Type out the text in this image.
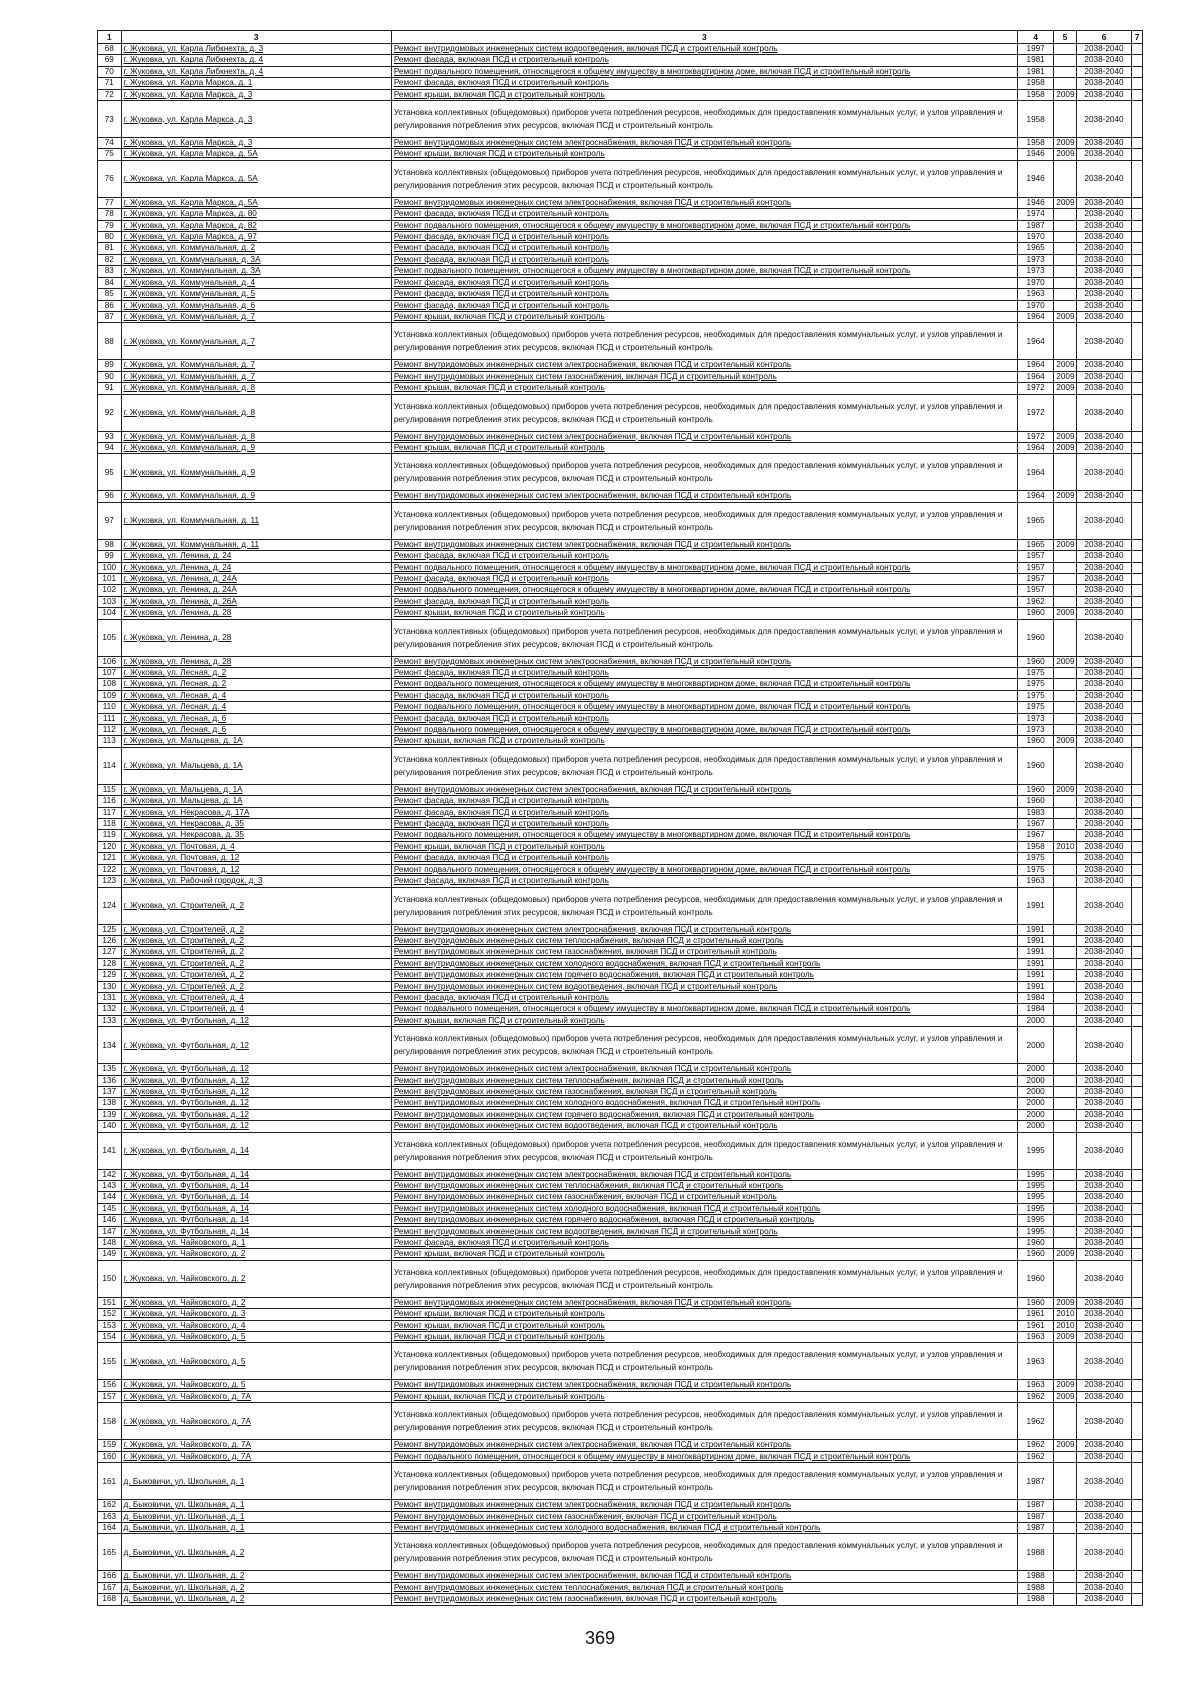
1	3	3	4	5	6	7
68	г. Жуковка, ул. Карла Либкнехта, д. 3	Ремонт внутридомовых инженерных систем водоотведения, включая ПСД и строительный контроль	1997		2038-2040	
69	г. Жуковка, ул. Карла Либкнехта, д. 4	Ремонт фасада, включая ПСД и строительный контроль	1981		2038-2040	
70	г. Жуковка, ул. Карла Либкнехта, д. 4	Ремонт подвального помещения, относящегося к общему имуществу в многоквартирном доме, включая ПСД и строительный контроль	1981		2038-2040	
71	г. Жуковка, ул. Карла Маркса, д. 1	Ремонт фасада, включая ПСД и строительный контроль	1958		2038-2040	
72	г. Жуковка, ул. Карла Маркса, д. 3	Ремонт крыши, включая ПСД и строительный контроль	1958	2009	2038-2040	
73	г. Жуковка, ул. Карла Маркса, д. 3	Установка коллективных (общедомовых) приборов учета потребления ресурсов, необходимых для предоставления коммунальных услуг, и узлов управления и регулирования потребления этих ресурсов, включая ПСД и строительный контроль	1958		2038-2040	
74	г. Жуковка, ул. Карла Маркса, д. 3	Ремонт внутридомовых инженерных систем электроснабжения, включая ПСД и строительный контроль	1958	2009	2038-2040	
75	г. Жуковка, ул. Карла Маркса, д. 5А	Ремонт крыши, включая ПСД и строительный контроль	1946	2009	2038-2040	
76	г. Жуковка, ул. Карла Маркса, д. 5А	Установка коллективных (общедомовых) приборов учета потребления ресурсов, необходимых для предоставления коммунальных услуг, и узлов управления и регулирования потребления этих ресурсов, включая ПСД и строительный контроль	1946		2038-2040	
77	г. Жуковка, ул. Карла Маркса, д. 5А	Ремонт внутридомовых инженерных систем электроснабжения, включая ПСД и строительный контроль	1946	2009	2038-2040	
78	г. Жуковка, ул. Карла Маркса, д. 80	Ремонт фасада, включая ПСД и строительный контроль	1974		2038-2040	
79	г. Жуковка, ул. Карла Маркса, д. 82	Ремонт подвального помещения, относящегося к общему имуществу в многоквартирном доме, включая ПСД и строительный контроль	1987		2038-2040	
80	г. Жуковка, ул. Карла Маркса, д. 97	Ремонт фасада, включая ПСД и строительный контроль	1970		2038-2040	
81	г. Жуковка, ул. Коммунальная, д. 2	Ремонт фасада, включая ПСД и строительный контроль	1965		2038-2040	
82	г. Жуковка, ул. Коммунальная, д. 3А	Ремонт фасада, включая ПСД и строительный контроль	1973		2038-2040	
83	г. Жуковка, ул. Коммунальная, д. 3А	Ремонт подвального помещения, относящегося к общему имуществу в многоквартирном доме, включая ПСД и строительный контроль	1973		2038-2040	
84	г. Жуковка, ул. Коммунальная, д. 4	Ремонт фасада, включая ПСД и строительный контроль	1970		2038-2040	
85	г. Жуковка, ул. Коммунальная, д. 5	Ремонт фасада, включая ПСД и строительный контроль	1963		2038-2040	
86	г. Жуковка, ул. Коммунальная, д. 6	Ремонт фасада, включая ПСД и строительный контроль	1970		2038-2040	
87	г. Жуковка, ул. Коммунальная, д. 7	Ремонт крыши, включая ПСД и строительный контроль	1964	2009	2038-2040	
88	г. Жуковка, ул. Коммунальная, д. 7	Установка коллективных (общедомовых) приборов учета потребления ресурсов, необходимых для предоставления коммунальных услуг, и узлов управления и регулирования потребления этих ресурсов, включая ПСД и строительный контроль	1964		2038-2040	
89	г. Жуковка, ул. Коммунальная, д. 7	Ремонт внутридомовых инженерных систем электроснабжения, включая ПСД и строительный контроль	1964	2009	2038-2040	
90	г. Жуковка, ул. Коммунальная, д. 7	Ремонт внутридомовых инженерных систем газоснабжения, включая ПСД и строительный контроль	1964	2009	2038-2040	
91	г. Жуковка, ул. Коммунальная, д. 8	Ремонт крыши, включая ПСД и строительный контроль	1972	2009	2038-2040	
92	г. Жуковка, ул. Коммунальная, д. 8	Установка коллективных (общедомовых) приборов учета потребления ресурсов, необходимых для предоставления коммунальных услуг, и узлов управления и регулирования потребления этих ресурсов, включая ПСД и строительный контроль	1972		2038-2040	
93	г. Жуковка, ул. Коммунальная, д. 8	Ремонт внутридомовых инженерных систем электроснабжения, включая ПСД и строительный контроль	1972	2009	2038-2040	
94	г. Жуковка, ул. Коммунальная, д. 9	Ремонт крыши, включая ПСД и строительный контроль	1964	2009	2038-2040	
95	г. Жуковка, ул. Коммунальная, д. 9	Установка коллективных (общедомовых) приборов учета потребления ресурсов, необходимых для предоставления коммунальных услуг, и узлов управления и регулирования потребления этих ресурсов, включая ПСД и строительный контроль	1964		2038-2040	
96	г. Жуковка, ул. Коммунальная, д. 9	Ремонт внутридомовых инженерных систем электроснабжения, включая ПСД и строительный контроль	1964	2009	2038-2040	
97	г. Жуковка, ул. Коммунальная, д. 11	Установка коллективных (общедомовых) приборов учета потребления ресурсов, необходимых для предоставления коммунальных услуг, и узлов управления и регулирования потребления этих ресурсов, включая ПСД и строительный контроль	1965		2038-2040	
98	г. Жуковка, ул. Коммунальная, д. 11	Ремонт внутридомовых инженерных систем электроснабжения, включая ПСД и строительный контроль	1965	2009	2038-2040	
99	г. Жуковка, ул. Ленина, д. 24	Ремонт фасада, включая ПСД и строительный контроль	1957		2038-2040	
100	г. Жуковка, ул. Ленина, д. 24	Ремонт подвального помещения, относящегося к общему имуществу в многоквартирном доме, включая ПСД и строительный контроль	1957		2038-2040	
101	г. Жуковка, ул. Ленина, д. 24А	Ремонт фасада, включая ПСД и строительный контроль	1957		2038-2040	
102	г. Жуковка, ул. Ленина, д. 24А	Ремонт подвального помещения, относящегося к общему имуществу в многоквартирном доме, включая ПСД и строительный контроль	1957		2038-2040	
103	г. Жуковка, ул. Ленина, д. 26А	Ремонт фасада, включая ПСД и строительный контроль	1962		2038-2040	
104	г. Жуковка, ул. Ленина, д. 28	Ремонт крыши, включая ПСД и строительный контроль	1960	2009	2038-2040	
105	г. Жуковка, ул. Ленина, д. 28	Установка коллективных (общедомовых) приборов учета потребления ресурсов, необходимых для предоставления коммунальных услуг, и узлов управления и регулирования потребления этих ресурсов, включая ПСД и строительный контроль	1960		2038-2040	
106	г. Жуковка, ул. Ленина, д. 28	Ремонт внутридомовых инженерных систем электроснабжения, включая ПСД и строительный контроль	1960	2009	2038-2040	
107	г. Жуковка, ул. Лесная, д. 2	Ремонт фасада, включая ПСД и строительный контроль	1975		2038-2040	
108	г. Жуковка, ул. Лесная, д. 2	Ремонт подвального помещения, относящегося к общему имуществу в многоквартирном доме, включая ПСД и строительный контроль	1975		2038-2040	
109	г. Жуковка, ул. Лесная, д. 4	Ремонт фасада, включая ПСД и строительный контроль	1975		2038-2040	
110	г. Жуковка, ул. Лесная, д. 4	Ремонт подвального помещения, относящегося к общему имуществу в многоквартирном доме, включая ПСД и строительный контроль	1975		2038-2040	
111	г. Жуковка, ул. Лесная, д. 6	Ремонт фасада, включая ПСД и строительный контроль	1973		2038-2040	
112	г. Жуковка, ул. Лесная, д. 6	Ремонт подвального помещения, относящегося к общему имуществу в многоквартирном доме, включая ПСД и строительный контроль	1973		2038-2040	
113	г. Жуковка, ул. Мальцева, д. 1А	Ремонт крыши, включая ПСД и строительный контроль	1960	2009	2038-2040	
114	г. Жуковка, ул. Мальцева, д. 1А	Установка коллективных (общедомовых) приборов учета потребления ресурсов, необходимых для предоставления коммунальных услуг, и узлов управления и регулирования потребления этих ресурсов, включая ПСД и строительный контроль	1960		2038-2040	
115	г. Жуковка, ул. Мальцева, д. 1А	Ремонт внутридомовых инженерных систем электроснабжения, включая ПСД и строительный контроль	1960	2009	2038-2040	
116	г. Жуковка, ул. Мальцева, д. 1А	Ремонт фасада, включая ПСД и строительный контроль	1960		2038-2040	
117	г. Жуковка, ул. Некрасова, д. 17А	Ремонт фасада, включая ПСД и строительный контроль	1983		2038-2040	
118	г. Жуковка, ул. Некрасова, д. 35	Ремонт фасада, включая ПСД и строительный контроль	1967		2038-2040	
119	г. Жуковка, ул. Некрасова, д. 35	Ремонт подвального помещения, относящегося к общему имуществу в многоквартирном доме, включая ПСД и строительный контроль	1967		2038-2040	
120	г. Жуковка, ул. Почтовая, д. 4	Ремонт крыши, включая ПСД и строительный контроль	1958	2010	2038-2040	
121	г. Жуковка, ул. Почтовая, д. 12	Ремонт фасада, включая ПСД и строительный контроль	1975		2038-2040	
122	г. Жуковка, ул. Почтовая, д. 12	Ремонт подвального помещения, относящегося к общему имуществу в многоквартирном доме, включая ПСД и строительный контроль	1975		2038-2040	
123	г. Жуковка, ул. Рабочий городок, д. 3	Ремонт фасада, включая ПСД и строительный контроль	1963		2038-2040	
124	г. Жуковка, ул. Строителей, д. 2	Установка коллективных (общедомовых) приборов учета потребления ресурсов, необходимых для предоставления коммунальных услуг, и узлов управления и регулирования потребления этих ресурсов, включая ПСД и строительный контроль	1991		2038-2040	
125	г. Жуковка, ул. Строителей, д. 2	Ремонт внутридомовых инженерных систем электроснабжения, включая ПСД и строительный контроль	1991		2038-2040	
126	г. Жуковка, ул. Строителей, д. 2	Ремонт внутридомовых инженерных систем теплоснабжения, включая ПСД и строительный контроль	1991		2038-2040	
127	г. Жуковка, ул. Строителей, д. 2	Ремонт внутридомовых инженерных систем газоснабжения, включая ПСД и строительный контроль	1991		2038-2040	
128	г. Жуковка, ул. Строителей, д. 2	Ремонт внутридомовых инженерных систем холодного водоснабжения, включая ПСД и строительный контроль	1991		2038-2040	
129	г. Жуковка, ул. Строителей, д. 2	Ремонт внутридомовых инженерных систем горячего водоснабжения, включая ПСД и строительный контроль	1991		2038-2040	
130	г. Жуковка, ул. Строителей, д. 2	Ремонт внутридомовых инженерных систем водоотведения, включая ПСД и строительный контроль	1991		2038-2040	
131	г. Жуковка, ул. Строителей, д. 4	Ремонт фасада, включая ПСД и строительный контроль	1984		2038-2040	
132	г. Жуковка, ул. Строителей, д. 4	Ремонт подвального помещения, относящегося к общему имуществу в многоквартирном доме, включая ПСД и строительный контроль	1984		2038-2040	
133	г. Жуковка, ул. Футбольная, д. 12	Ремонт крыши, включая ПСД и строительный контроль	2000		2038-2040	
134	г. Жуковка, ул. Футбольная, д. 12	Установка коллективных (общедомовых) приборов учета потребления ресурсов, необходимых для предоставления коммунальных услуг, и узлов управления и регулирования потребления этих ресурсов, включая ПСД и строительный контроль	2000		2038-2040	
135	г. Жуковка, ул. Футбольная, д. 12	Ремонт внутридомовых инженерных систем электроснабжения, включая ПСД и строительный контроль	2000		2038-2040	
136	г. Жуковка, ул. Футбольная, д. 12	Ремонт внутридомовых инженерных систем теплоснабжения, включая ПСД и строительный контроль	2000		2038-2040	
137	г. Жуковка, ул. Футбольная, д. 12	Ремонт внутридомовых инженерных систем газоснабжения, включая ПСД и строительный контроль	2000		2038-2040	
138	г. Жуковка, ул. Футбольная, д. 12	Ремонт внутридомовых инженерных систем холодного водоснабжения, включая ПСД и строительный контроль	2000		2038-2040	
139	г. Жуковка, ул. Футбольная, д. 12	Ремонт внутридомовых инженерных систем горячего водоснабжения, включая ПСД и строительный контроль	2000		2038-2040	
140	г. Жуковка, ул. Футбольная, д. 12	Ремонт внутридомовых инженерных систем водоотведения, включая ПСД и строительный контроль	2000		2038-2040	
141	г. Жуковка, ул. Футбольная, д. 14	Установка коллективных (общедомовых) приборов учета потребления ресурсов, необходимых для предоставления коммунальных услуг, и узлов управления и регулирования потребления этих ресурсов, включая ПСД и строительный контроль	1995		2038-2040	
142	г. Жуковка, ул. Футбольная, д. 14	Ремонт внутридомовых инженерных систем электроснабжения, включая ПСД и строительный контроль	1995		2038-2040	
143	г. Жуковка, ул. Футбольная, д. 14	Ремонт внутридомовых инженерных систем теплоснабжения, включая ПСД и строительный контроль	1995		2038-2040	
144	г. Жуковка, ул. Футбольная, д. 14	Ремонт внутридомовых инженерных систем газоснабжения, включая ПСД и строительный контроль	1995		2038-2040	
145	г. Жуковка, ул. Футбольная, д. 14	Ремонт внутридомовых инженерных систем холодного водоснабжения, включая ПСД и строительный контроль	1995		2038-2040	
146	г. Жуковка, ул. Футбольная, д. 14	Ремонт внутридомовых инженерных систем горячего водоснабжения, включая ПСД и строительный контроль	1995		2038-2040	
147	г. Жуковка, ул. Футбольная, д. 14	Ремонт внутридомовых инженерных систем водоотведения, включая ПСД и строительный контроль	1995		2038-2040	
148	г. Жуковка, ул. Чайковского, д. 1	Ремонт фасада, включая ПСД и строительный контроль	1960		2038-2040	
149	г. Жуковка, ул. Чайковского, д. 2	Ремонт крыши, включая ПСД и строительный контроль	1960	2009	2038-2040	
150	г. Жуковка, ул. Чайковского, д. 2	Установка коллективных (общедомовых) приборов учета потребления ресурсов, необходимых для предоставления коммунальных услуг, и узлов управления и регулирования потребления этих ресурсов, включая ПСД и строительный контроль	1960		2038-2040	
151	г. Жуковка, ул. Чайковского, д. 2	Ремонт внутридомовых инженерных систем электроснабжения, включая ПСД и строительный контроль	1960	2009	2038-2040	
152	г. Жуковка, ул. Чайковского, д. 3	Ремонт крыши, включая ПСД и строительный контроль	1961	2010	2038-2040	
153	г. Жуковка, ул. Чайковского, д. 4	Ремонт крыши, включая ПСД и строительный контроль	1961	2010	2038-2040	
154	г. Жуковка, ул. Чайковского, д. 5	Ремонт крыши, включая ПСД и строительный контроль	1963	2009	2038-2040	
155	г. Жуковка, ул. Чайковского, д. 5	Установка коллективных (общедомовых) приборов учета потребления ресурсов, необходимых для предоставления коммунальных услуг, и узлов управления и регулирования потребления этих ресурсов, включая ПСД и строительный контроль	1963		2038-2040	
156	г. Жуковка, ул. Чайковского, д. 5	Ремонт внутридомовых инженерных систем электроснабжения, включая ПСД и строительный контроль	1963	2009	2038-2040	
157	г. Жуковка, ул. Чайковского, д. 7А	Ремонт крыши, включая ПСД и строительный контроль	1962	2009	2038-2040	
158	г. Жуковка, ул. Чайковского, д. 7А	Установка коллективных (общедомовых) приборов учета потребления ресурсов, необходимых для предоставления коммунальных услуг, и узлов управления и регулирования потребления этих ресурсов, включая ПСД и строительный контроль	1962		2038-2040	
159	г. Жуковка, ул. Чайковского, д. 7А	Ремонт внутридомовых инженерных систем электроснабжения, включая ПСД и строительный контроль	1962	2009	2038-2040	
160	г. Жуковка, ул. Чайковского, д. 7А	Ремонт подвального помещения, относящегося к общему имуществу в многоквартирном доме, включая ПСД и строительный контроль	1962		2038-2040	
161	д. Быковичи, ул. Школьная, д. 1	Установка коллективных (общедомовых) приборов учета потребления ресурсов, необходимых для предоставления коммунальных услуг, и узлов управления и регулирования потребления этих ресурсов, включая ПСД и строительный контроль	1987		2038-2040	
162	д. Быковичи, ул. Школьная, д. 1	Ремонт внутридомовых инженерных систем электроснабжения, включая ПСД и строительный контроль	1987		2038-2040	
163	д. Быковичи, ул. Школьная, д. 1	Ремонт внутридомовых инженерных систем газоснабжения, включая ПСД и строительный контроль	1987		2038-2040	
164	д. Быковичи, ул. Школьная, д. 1	Ремонт внутридомовых инженерных систем холодного водоснабжения, включая ПСД и строительный контроль	1987		2038-2040	
165	д. Быковичи, ул. Школьная, д. 2	Установка коллективных (общедомовых) приборов учета потребления ресурсов, необходимых для предоставления коммунальных услуг, и узлов управления и регулирования потребления этих ресурсов, включая ПСД и строительный контроль	1988		2038-2040	
166	д. Быковичи, ул. Школьная, д. 2	Ремонт внутридомовых инженерных систем электроснабжения, включая ПСД и строительный контроль	1988		2038-2040	
167	д. Быковичи, ул. Школьная, д. 2	Ремонт внутридомовых инженерных систем теплоснабжения, включая ПСД и строительный контроль	1988		2038-2040	
168	д. Быковичи, ул. Школьная, д. 2	Ремонт внутридомовых инженерных систем газоснабжения, включая ПСД и строительный контроль	1988		2038-2040	
369
